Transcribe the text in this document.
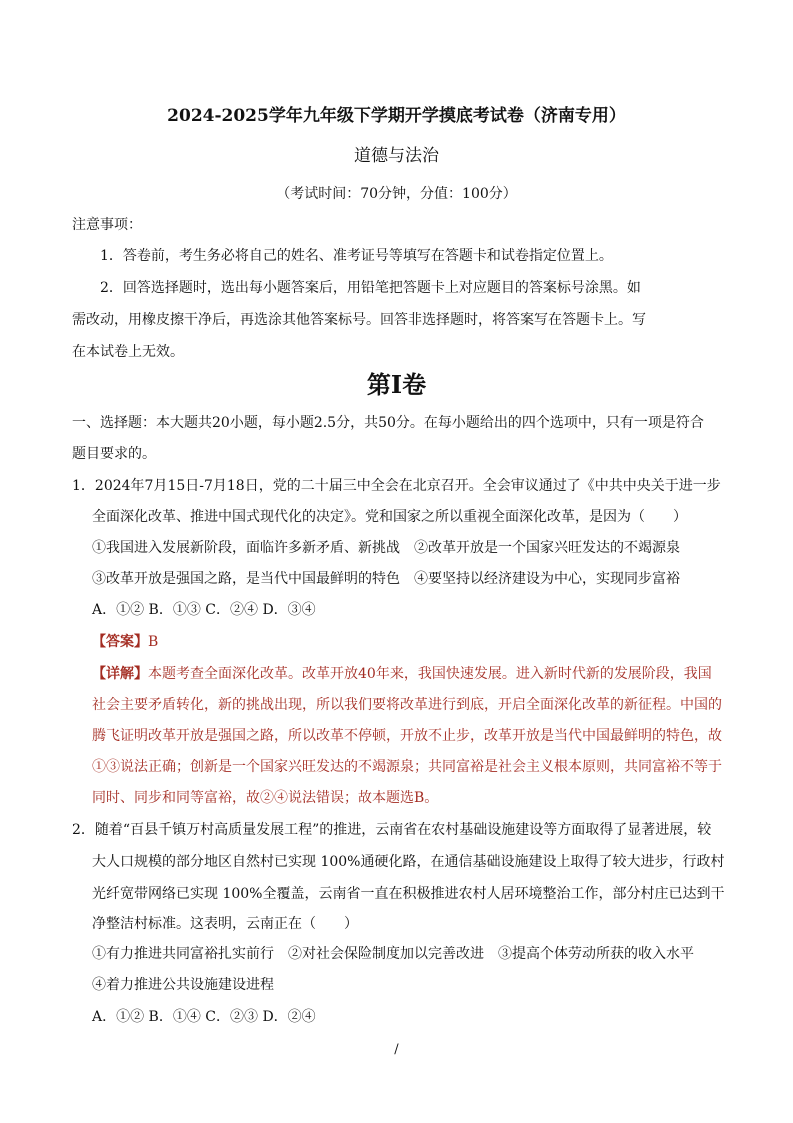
2024-2025学年九年级下学期开学摸底考试卷（济南专用）
道德与法治
（考试时间：70分钟，分值：100分）
注意事项：
1．答卷前，考生务必将自己的姓名、准考证号等填写在答题卡和试卷指定位置上。
2．回答选择题时，选出每小题答案后，用铅笔把答题卡上对应题目的答案标号涂黑。如
需改动，用橡皮擦干净后，再选涂其他答案标号。回答非选择题时，将答案写在答题卡上。写
在本试卷上无效。
第Ⅰ卷
一、选择题：本大题共20小题，每小题2.5分，共50分。在每小题给出的四个选项中，只有一项是符合
题目要求的。
1．2024年7月15日-7月18日，党的二十届三中全会在北京召开。全会审议通过了《中共中央关于进一步
全面深化改革、推进中国式现代化的决定》。党和国家之所以重视全面深化改革，是因为（　　）
①我国进入发展新阶段，面临许多新矛盾、新挑战　②改革开放是一个国家兴旺发达的不竭源泉
③改革开放是强国之路，是当代中国最鲜明的特色　④要坚持以经济建设为中心，实现同步富裕
A．①② B．①③ C．②④ D．③④
【答案】B
【详解】本题考查全面深化改革。改革开放40年来，我国快速发展。进入新时代新的发展阶段，我国
社会主要矛盾转化，新的挑战出现，所以我们要将改革进行到底，开启全面深化改革的新征程。中国的
腾飞证明改革开放是强国之路，所以改革不停顿，开放不止步，改革开放是当代中国最鲜明的特色，故
①③说法正确；创新是一个国家兴旺发达的不竭源泉；共同富裕是社会主义根本原则，共同富裕不等于
同时、同步和同等富裕，故②④说法错误；故本题选B。
2．随着“百县千镇万村高质量发展工程”的推进，云南省在农村基础设施建设等方面取得了显著进展，较
大人口规模的部分地区自然村已实现 100%通硬化路，在通信基础设施建设上取得了较大进步，行政村
光纤宽带网络已实现 100%全覆盖，云南省一直在积极推进农村人居环境整治工作，部分村庄已达到干
净整洁村标准。这表明，云南正在（　　）
①有力推进共同富裕扎实前行　②对社会保险制度加以完善改进　③提高个体劳动所获的收入水平
④着力推进公共设施建设进程
A．①② B．①④ C．②③ D．②④
/
